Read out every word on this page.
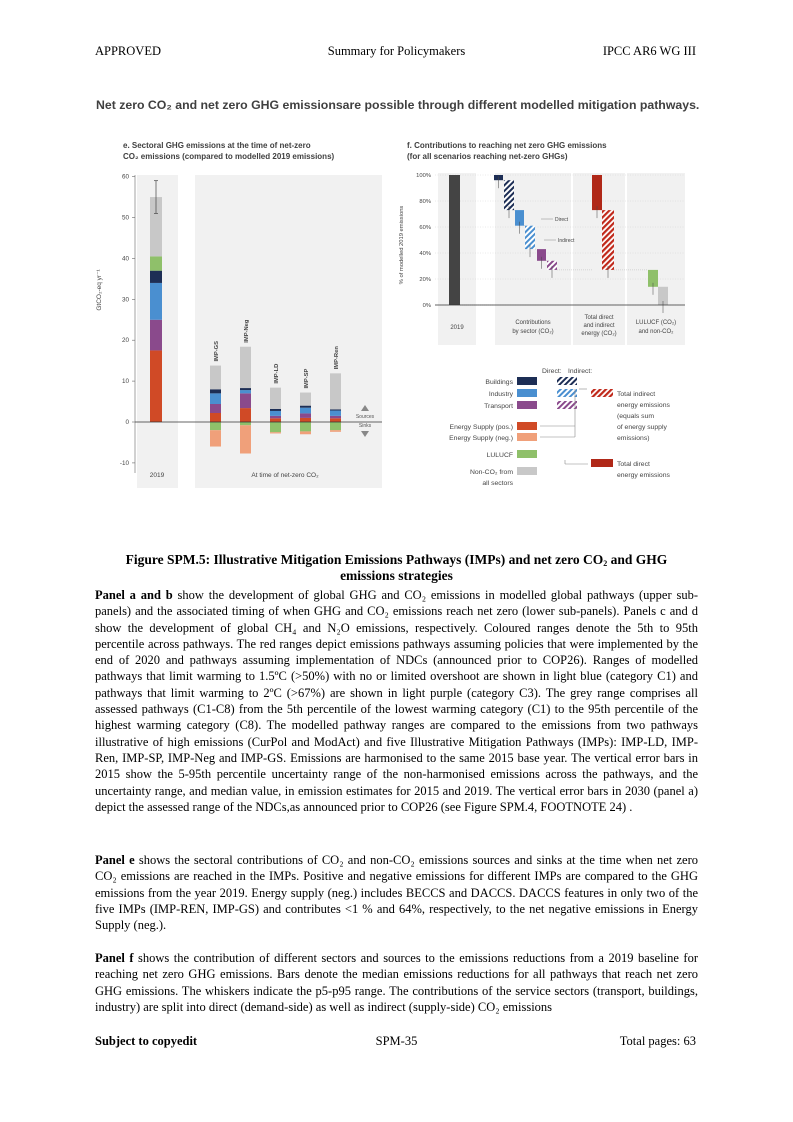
APPROVED	Summary for Policymakers	IPCC AR6 WG III
Net zero CO₂ and net zero GHG emissionsare possible through different modelled mitigation pathways.
e. Sectoral GHG emissions at the time of net-zero
CO₂ emissions (compared to modelled 2019 emissions)
60
50
40
30
20
10
0
-10
GtCO₂-eq yr⁻¹
IMP-GS
IMP-Neg
IMP-LD	IMP-SP
IMP-Ren
2019	At time of net-zero CO₂
Sources
Sinks
f. Contributions to reaching net zero GHG emissions
(for all scenarios reaching net-zero GHGs)
% of modelled 2019 emissions
100%
80%
60%
40%
20%
0%
Direct
Indirect
2019
Contributions
by sector (CO₂)
Total direct
and indirect
energy (CO₂)
LULUCF (CO₂)
and non-CO₂
Direct: Indirect:
Buildings
Industry
Transport
Energy Supply (pos.)
Energy Supply (neg.)
LULUCF
Non-CO₂ from
all sectors
Total indirect
energy emissions
(equals sum
of energy supply
emissions)
Total direct
energy emissions
Figure SPM.5: Illustrative Mitigation Emissions Pathways (IMPs) and net zero $CO_2$ and GHG
emissions strategies
Panel a and b show the development of global GHG and CO₂ emissions in modelled global pathways (upper sub-panels) and the associated timing of when GHG and CO₂ emissions reach net zero (lower sub-panels). Panels c and d show the development of global CH₄ and N₂O emissions, respectively. Coloured ranges denote the 5th to 95th percentile across pathways. The red ranges depict emissions pathways assuming policies that were implemented by the end of 2020 and pathways assuming implementation of NDCs (announced prior to COP26). Ranges of modelled pathways that limit warming to 1.5ºC (>50%) with no or limited overshoot are shown in light blue (category C1) and pathways that limit warming to 2ºC (>67%) are shown in light purple (category C3). The grey range comprises all assessed pathways (C1-C8) from the 5th percentile of the lowest warming category (C1) to the 95th percentile of the highest warming category (C8). The modelled pathway ranges are compared to the emissions from two pathways illustrative of high emissions (CurPol and ModAct) and five Illustrative Mitigation Pathways (IMPs): IMP-LD, IMP-Ren, IMP-SP, IMP-Neg and IMP-GS. Emissions are harmonised to the same 2015 base year. The vertical error bars in 2015 show the 5-95th percentile uncertainty range of the non-harmonised emissions across the pathways, and the uncertainty range, and median value, in emission estimates for 2015 and 2019. The vertical error bars in 2030 (panel a) depict the assessed range of the NDCs,as announced prior to COP26 (see Figure SPM.4, FOOTNOTE 24) .
Panel e shows the sectoral contributions of CO₂ and non-CO₂ emissions sources and sinks at the time when net zero CO₂ emissions are reached in the IMPs. Positive and negative emissions for different IMPs are compared to the GHG emissions from the year 2019. Energy supply (neg.) includes BECCS and DACCS. DACCS features in only two of the five IMPs (IMP-REN, IMP-GS) and contributes <1 % and 64%, respectively, to the net negative emissions in Energy Supply (neg.).
Panel f shows the contribution of different sectors and sources to the emissions reductions from a 2019 baseline for reaching net zero GHG emissions. Bars denote the median emissions reductions for all pathways that reach net zero GHG emissions. The whiskers indicate the p5-p95 range. The contributions of the service sectors (transport, buildings, industry) are split into direct (demand-side) as well as indirect (supply-side) CO₂ emissions
Subject to copyedit	SPM-35	Total pages: 63
